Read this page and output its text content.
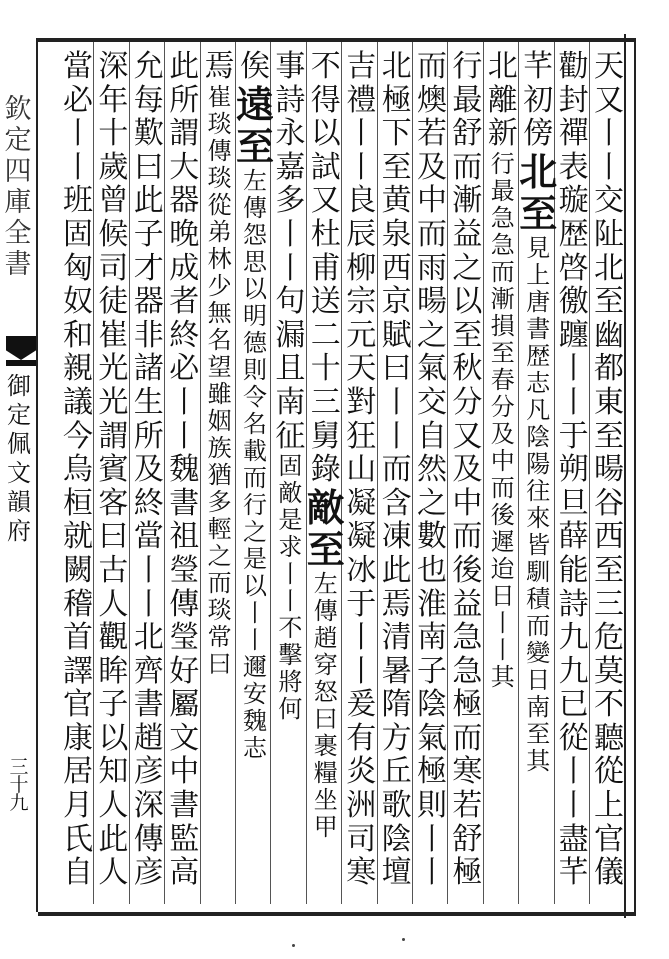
欽定四庫全書
御定佩文韻府
三十九
天又丨丨交阯北至幽都東至暘谷西至三危莫不聽從上官儀
勸封禪表璇歴啓徼躔丨丨于朔旦薛能詩九九已從丨丨盡芊
芊初傍
北至
見
上
唐
書
歴
志
凡
陰
陽
往
來
皆
馴
積
而
變
日
南
至
其
北離新
行
最
急
急
而
漸
損
至
春
分
及
中
而
後
遲
迨
日
丨
丨
其
行最舒而漸益之以至秋分又及中而後益急急極而寒若舒極
而燠若及中而雨暘之氣交自然之數也淮南子陰氣極則丨丨
北極下至黄泉西京賦曰丨丨而含凍此焉清暑隋方丘歌陰壇
吉禮丨丨良辰柳宗元天對狂山凝凝冰于丨丨爰有炎洲司寒
不得以試又杜甫送二十三舅錄
敵至
左
傳
趙
穿
怒
曰
裹
糧
坐
甲
事詩永嘉多丨丨句漏且南征
固
敵
是
求
丨
丨
不
擊
將
何
俟
遠至
左
傳
怨
思
以
明
德
則
令
名
載
而
行
之
是
以
丨
丨
邇
安
魏
志
焉
崔
琰
傳
琰
從
弟
林
少
無
名
望
雖
姻
族
猶
多
輕
之
而
琰
常
曰
此所謂大器晚成者終必丨丨魏書祖瑩傳瑩好屬文中書監高
允每歎曰此子才器非諸生所及終當丨丨北齊書趙彦深傳彦
深年十歲曾候司徒崔光光謂賓客曰古人觀眸子以知人此人
當必丨丨班固匈奴和親議今烏桓就闕稽首譯官康居月氏自
